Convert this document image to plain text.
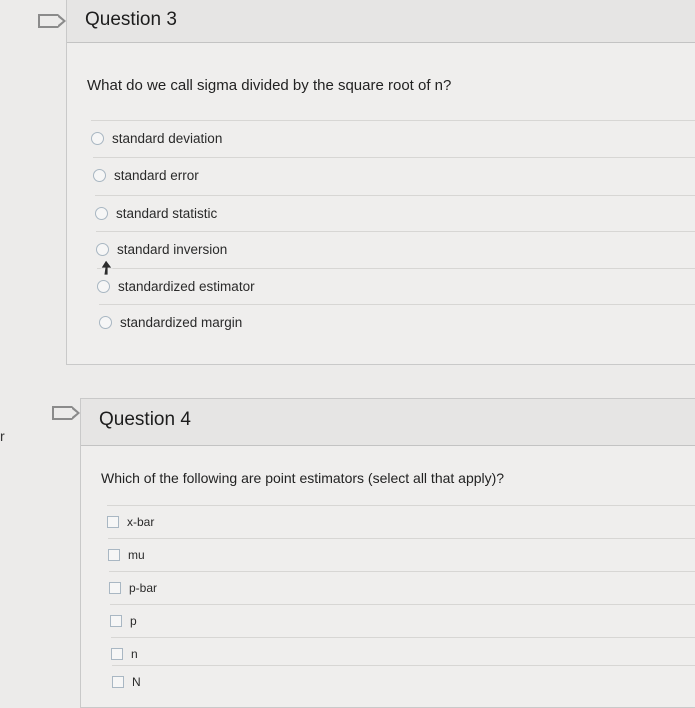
Question 3
What do we call sigma divided by the square root of n?
standard deviation
standard error
standard statistic
standard inversion
standardized estimator
standardized margin
r
Question 4
Which of the following are point estimators (select all that apply)?
x-bar
mu
p-bar
p
n
N
